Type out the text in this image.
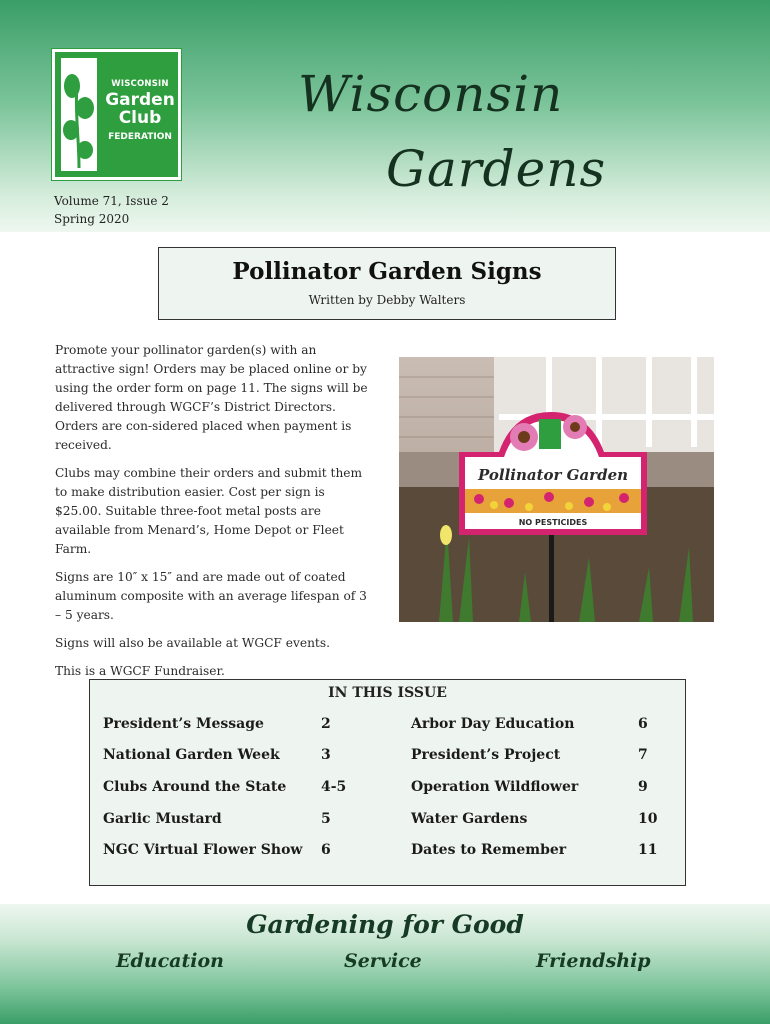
WISCONSIN
Garden
Club
FEDERATION
Wisconsin
Gardens
Volume 71, Issue 2
Spring 2020
Pollinator Garden Signs
Written by Debby Walters

Promote your pollinator garden(s) with an attractive sign! Orders may be placed online or by using the order form on page 11. The signs will be delivered through WGCF’s District Directors. Orders are con-sidered placed when payment is received.

Clubs may combine their orders and submit them to make distribution easier. Cost per sign is $25.00. Suitable three-foot metal posts are available from Menard’s, Home Depot or Fleet Farm.

Signs are 10″ x 15″ and are made out of coated aluminum composite with an average lifespan of 3 – 5 years.

Signs will also be available at WGCF events.

This is a WGCF Fundraiser.

Pollinator Garden
NO PESTICIDES
IN THIS ISSUE
President’s Message	2
National Garden Week	3
Clubs Around the State 4-5
Garlic Mustard	5
NGC Virtual Flower Show 6
Arbor Day Education	6
President’s Project	7
Operation Wildflower	9
Water Gardens	10
Dates to Remember	11
Gardening for Good
Education	Service	Friendship
